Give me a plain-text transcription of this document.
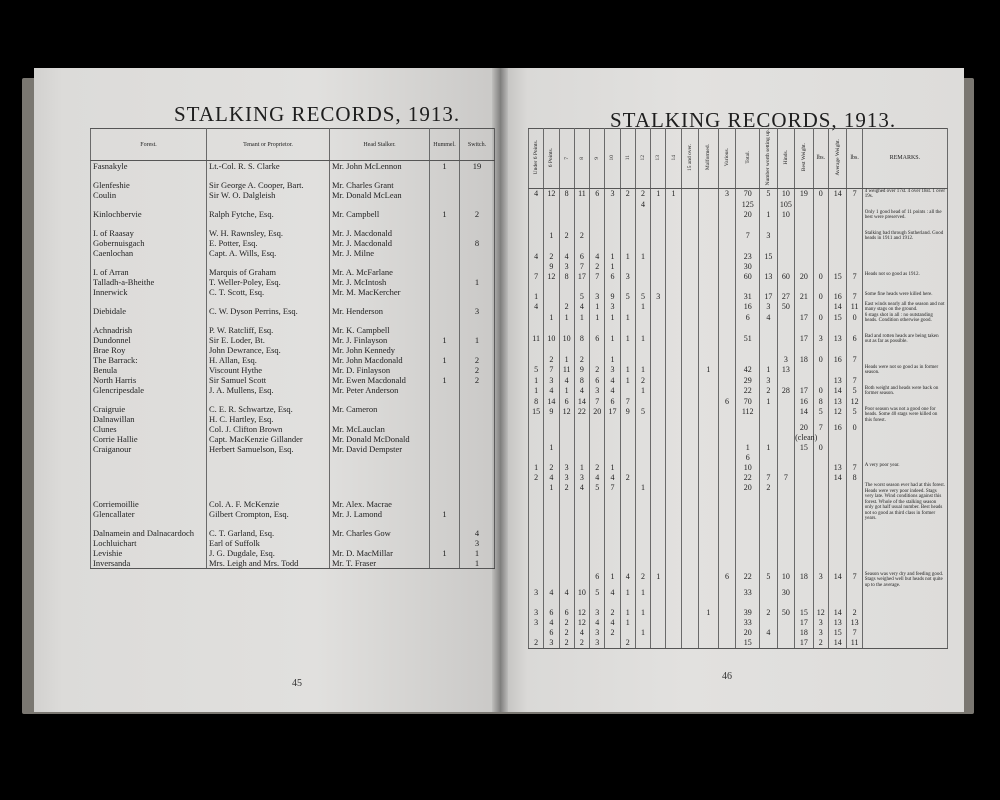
STALKING RECORDS, 1913.
Forest.	Tenant or Proprietor.	Head Stalker.	Hummel.	Switch.
Fasnakyle	Lt.-Col. R. S. Clarke	Mr. John McLennon	1	19

Glenfeshie	Sir George A. Cooper, Bart.	Mr. Charles Grant		
Coulin	Sir W. O. Dalgleish	Mr. Donald McLean		

Kinlochbervie	Ralph Fytche, Esq.	Mr. Campbell	1	2

I. of Raasay	W. H. Rawnsley, Esq.	Mr. J. Macdonald		
Gobernuisgach	E. Potter, Esq.	Mr. J. Macdonald		8
Caenlochan	Capt. A. Wills, Esq.	Mr. J. Milne		

I. of Arran	Marquis of Graham	Mr. A. McFarlane		
Talladh-a-Bheithe	T. Weller-Poley, Esq.	Mr. J. McIntosh		1
Innerwick	C. T. Scott, Esq.	Mr. M. MacKercher		

Diebidale	C. W. Dyson Perrins, Esq.	Mr. Henderson		3

Achnadrish	P. W. Ratcliff, Esq.	Mr. K. Campbell		
Dundonnel	Sir E. Loder, Bt.	Mr. J. Finlayson	1	1
Brae Roy	John Dewrance, Esq.	Mr. John Kennedy		
The Barrack:	H. Allan, Esq.	Mr. John Macdonald	1	2
Benula	Viscount Hythe	Mr. D. Finlayson		2
North Harris	Sir Samuel Scott	Mr. Ewen Macdonald	1	2
Glencripesdale	J. A. Mullens, Esq.	Mr. Peter Anderson		

Craigruie	C. E. R. Schwartze, Esq.	Mr. Cameron		
Dalnawillan	H. C. Hartley, Esq.			
Clunes	Col. J. Clifton Brown	Mr. McLauclan		
Corrie Hallie	Capt. MacKenzie Gillander	Mr. Donald McDonald		
Craiganour	Herbert Samuelson, Esq.	Mr. David Dempster		

Corriemoillie	Col. A. F. McKenzie	Mr. Alex. Macrae		
Glencallater	Gilbert Crompton, Esq.	Mr. J. Lamond	1	

Dalnamein and Dalnacardoch	C. T. Garland, Esq.	Mr. Charles Gow		4
Lochluichart	Earl of Suffolk			3
Levishie	J. G. Dugdale, Esq.	Mr. D. MacMillar	1	1
Inversanda	Mrs. Leigh and Mrs. Todd	Mr. T. Fraser		1
45
STALKING RECORDS, 1913.
Under 6 Points.	6 Points.	7	8	9	10	11	12	13	14	15 and over.	Malformed.	Various.	Total.	Number worth setting up.	Hinds.	Best Weight.	lbs.	Average Weight.	lbs.	REMARKS.
4	12	8	11	6	3	2	2	1	1			3	70	5	10	19	0	14	7	4 weighed over 17st. 4 over 18st. 1 over 19s.
							4						125		105					
													20	1	10					Only 1 good head of 11 points : all the best were preserved.

	1	2	2										7	3						Stalking bad through Sutherland. Good heads in 1911 and 1912.

4	2	4	6	4	1	1	1						23	15						
	9	3	7	2	1								30							
7	12	8	17	7	6	3							60	13	60	20	0	15	7	Heads not so good as 1912.

1			5	3	9	5	5	3					31	17	27	21	0	16	7	Some fine heads were killed here.
4		2	4	1	3		1						16	3	50			14	11	East winds nearly all the season and not many stags on the ground.
	1	1	1	1	1	1							6	4		17	0	15	0	6 stags shot in all : no outstanding heads. Condition otherwise good.

11	10	10	8	6	1	1	1						51			17	3	13	6	Bad and rotten heads are being taken out as far as possible.

	2	1	2		1										3	18	0	16	7	
5	7	11	9	2	3	1	1				1		42	1	13					Heads were not so good as in former season.
1	3	4	8	6	4	1	2						29	3				13	7	
1	4	1	4	3	4		1						22	2	28	17	0	14	5	Both weight and heads were back on former season.
8	14	6	14	7	6	7						6	70	1		16	8	13	12	
15	9	12	22	20	17	9	5						112			14	5	12	5	Poor season was not a good one for heads. Some 40 stags were killed on this forest.
																20	7	16	0	
																(clean)				
	1												1	1		15	0			
													6							
1	2	3	1	2	1								10					13	7	A very poor year.
2	4	3	3	4	4	2							22	7	7			14	8	
	1	2	4	5	7		1						20	2						The worst season ever had at this forest. Heads were very poor indeed. Stags very late. Wind conditions against this forest. Whole of the stalking season only got half usual number. Best heads not so good as third class in former years.

				6	1	4	2	1				6	22	5	10	18	3	14	7	Season was very dry and feeding good. Stags weighed well but heads not quite up to the average.
3	4	4	10	5	4	1	1						33		30					

3	6	6	12	3	2	1	1				1		39	2	50	15	12	14	2	
3	4	2	12	4	4	1							33			17	3	13	13	
	6	2	4	3	2		1						20	4		18	3	15	7	
2	3	2	2	3		2							15			17	2	14	11	
46
